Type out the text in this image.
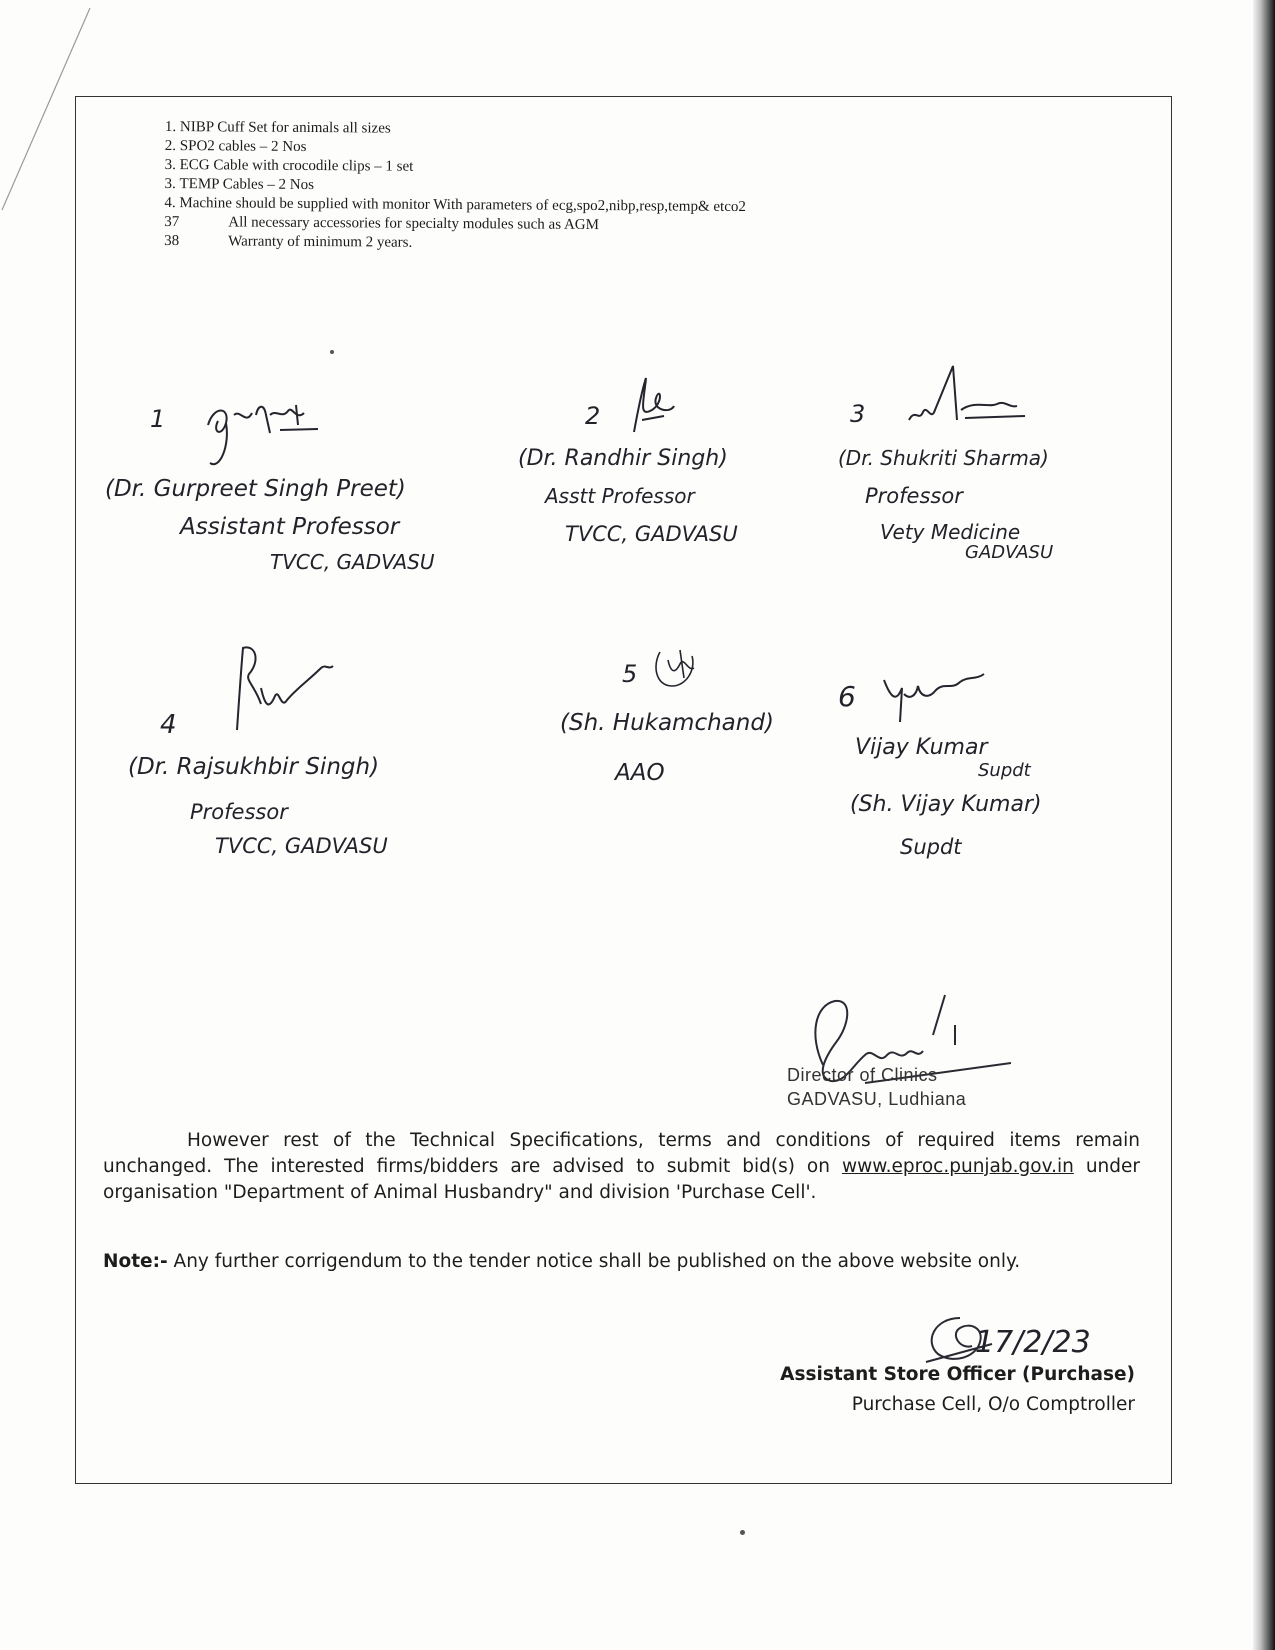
1.
NIBP Cuff Set for animals all sizes
2.
SPO2 cables – 2 Nos
3.
ECG Cable with crocodile clips – 1 set
3.
TEMP Cables – 2 Nos
4.
Machine should be supplied with monitor With parameters of ecg,spo2,nibp,resp,temp& etco2
37	All necessary accessories for specialty modules such as AGM
38	Warranty of minimum 2 years.
1
(Dr. Gurpreet Singh Preet)
Assistant Professor
TVCC, GADVASU
2
(Dr. Randhir Singh)
Asstt Professor
TVCC, GADVASU
3
(Dr. Shukriti Sharma)
Professor
Vety Medicine
GADVASU
4
(Dr. Rajsukhbir Singh)
Professor
TVCC, GADVASU
5
(Sh. Hukamchand)
AAO
6
Vijay Kumar
Supdt
(Sh. Vijay Kumar)
Supdt
Director of Clinics
GADVASU, Ludhiana
However rest of the Technical Specifications, terms and conditions of required items remain unchanged. The interested firms/bidders are advised to submit bid(s) on www.eproc.punjab.gov.in under organisation "Department of Animal Husbandry" and division 'Purchase Cell'.
Note:- Any further corrigendum to the tender notice shall be published on the above website only.
17/2/23
Assistant Store Officer (Purchase)
Purchase Cell, O/o Comptroller
